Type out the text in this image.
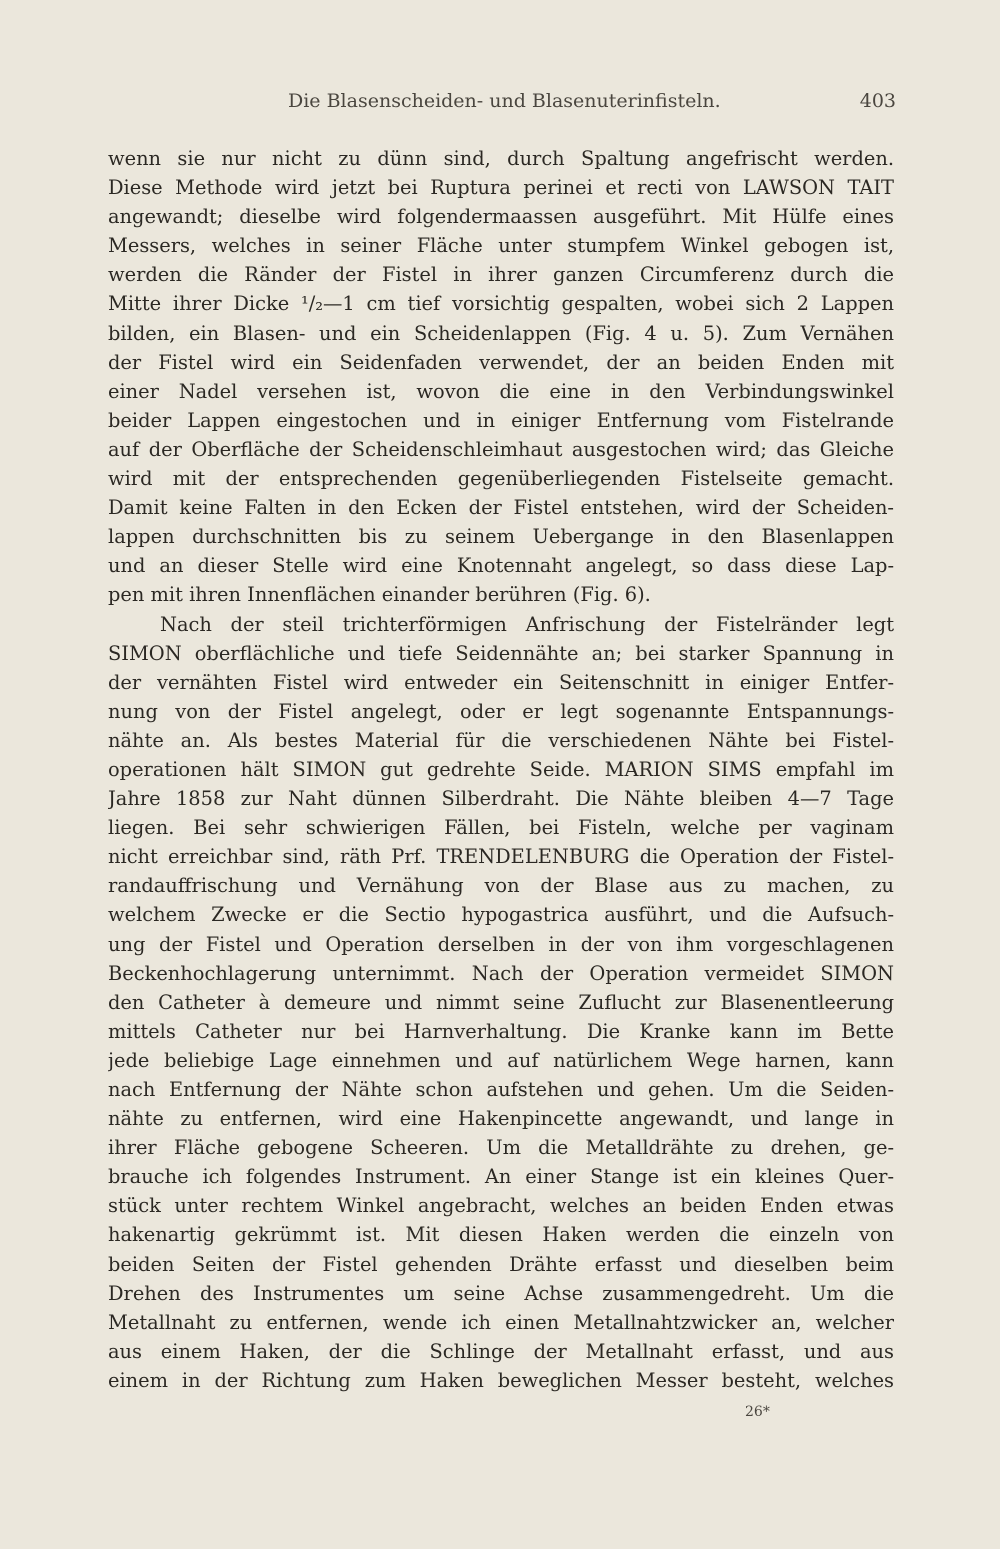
Die Blasenscheiden- und Blasenuterinfisteln.	403
wenn sie nur nicht zu dünn sind, durch Spaltung angefrischt werden.
Diese Methode wird jetzt bei Ruptura perinei et recti von LAWSON TAIT
angewandt; dieselbe wird folgendermaassen ausgeführt. Mit Hülfe eines
Messers, welches in seiner Fläche unter stumpfem Winkel gebogen ist,
werden die Ränder der Fistel in ihrer ganzen Circumferenz durch die
Mitte ihrer Dicke ¹/₂—1 cm tief vorsichtig gespalten, wobei sich 2 Lappen
bilden, ein Blasen- und ein Scheidenlappen (Fig. 4 u. 5). Zum Vernähen
der Fistel wird ein Seidenfaden verwendet, der an beiden Enden mit
einer Nadel versehen ist, wovon die eine in den Verbindungswinkel
beider Lappen eingestochen und in einiger Entfernung vom Fistelrande
auf der Oberfläche der Scheidenschleimhaut ausgestochen wird; das Gleiche
wird mit der entsprechenden gegenüberliegenden Fistelseite gemacht.
Damit keine Falten in den Ecken der Fistel entstehen, wird der Scheiden-
lappen durchschnitten bis zu seinem Uebergange in den Blasenlappen
und an dieser Stelle wird eine Knotennaht angelegt, so dass diese Lap-
pen mit ihren Innenflächen einander berühren (Fig. 6).
Nach der steil trichterförmigen Anfrischung der Fistelränder legt
SIMON oberflächliche und tiefe Seidennähte an; bei starker Spannung in
der vernähten Fistel wird entweder ein Seitenschnitt in einiger Entfer-
nung von der Fistel angelegt, oder er legt sogenannte Entspannungs-
nähte an. Als bestes Material für die verschiedenen Nähte bei Fistel-
operationen hält SIMON gut gedrehte Seide. MARION SIMS empfahl im
Jahre 1858 zur Naht dünnen Silberdraht. Die Nähte bleiben 4—7 Tage
liegen. Bei sehr schwierigen Fällen, bei Fisteln, welche per vaginam
nicht erreichbar sind, räth Prf. TRENDELENBURG die Operation der Fistel-
randauffrischung und Vernähung von der Blase aus zu machen, zu
welchem Zwecke er die Sectio hypogastrica ausführt, und die Aufsuch-
ung der Fistel und Operation derselben in der von ihm vorgeschlagenen
Beckenhochlagerung unternimmt. Nach der Operation vermeidet SIMON
den Catheter à demeure und nimmt seine Zuflucht zur Blasenentleerung
mittels Catheter nur bei Harnverhaltung. Die Kranke kann im Bette
jede beliebige Lage einnehmen und auf natürlichem Wege harnen, kann
nach Entfernung der Nähte schon aufstehen und gehen. Um die Seiden-
nähte zu entfernen, wird eine Hakenpincette angewandt, und lange in
ihrer Fläche gebogene Scheeren. Um die Metalldrähte zu drehen, ge-
brauche ich folgendes Instrument. An einer Stange ist ein kleines Quer-
stück unter rechtem Winkel angebracht, welches an beiden Enden etwas
hakenartig gekrümmt ist. Mit diesen Haken werden die einzeln von
beiden Seiten der Fistel gehenden Drähte erfasst und dieselben beim
Drehen des Instrumentes um seine Achse zusammengedreht. Um die
Metallnaht zu entfernen, wende ich einen Metallnahtzwicker an, welcher
aus einem Haken, der die Schlinge der Metallnaht erfasst, und aus
einem in der Richtung zum Haken beweglichen Messer besteht, welches
26*
